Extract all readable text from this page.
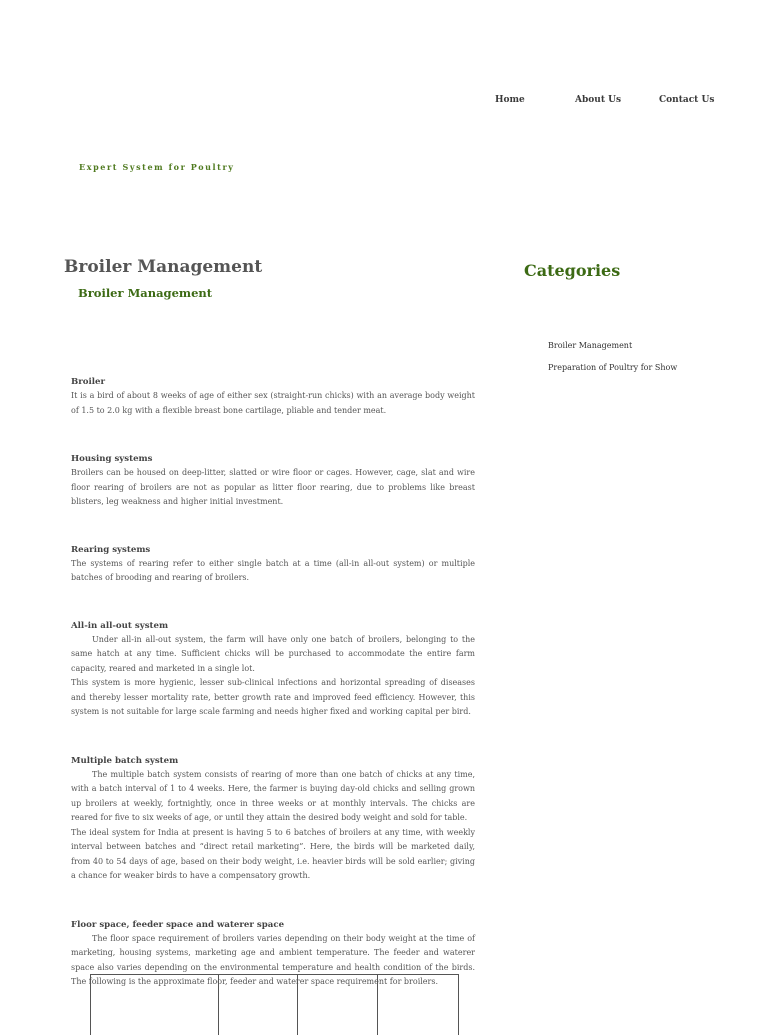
Home	About Us	Contact Us
Expert System for Poultry
Broiler Management
Broiler Management
Broiler

It is a bird of about 8 weeks of age of either sex (straight-run chicks) with an average body weight of 1.5 to 2.0 kg with a flexible breast bone cartilage, pliable and tender meat.

Housing systems

Broilers can be housed on deep-litter, slatted or wire floor or cages. However, cage, slat and wire floor rearing of broilers are not as popular as litter floor rearing, due to problems like breast blisters, leg weakness and higher initial investment.

Rearing systems

The systems of rearing refer to either single batch at a time (all-in all-out system) or multiple batches of brooding and rearing of broilers.

All-in all-out system

Under all-in all-out system, the farm will have only one batch of broilers, belonging to the same hatch at any time. Sufficient chicks will be purchased to accommodate the entire farm capacity, reared and marketed in a single lot.

This system is more hygienic, lesser sub-clinical infections and horizontal spreading of diseases and thereby lesser mortality rate, better growth rate and improved feed efficiency. However, this system is not suitable for large scale farming and needs higher fixed and working capital per bird.

Multiple batch system

The multiple batch system consists of rearing of more than one batch of chicks at any time, with a batch interval of 1 to 4 weeks. Here, the farmer is buying day-old chicks and selling grown up broilers at weekly, fortnightly, once in three weeks or at monthly intervals. The chicks are reared for five to six weeks of age, or until they attain the desired body weight and sold for table.

The ideal system for India at present is having 5 to 6 batches of broilers at any time, with weekly interval between batches and “direct retail marketing”. Here, the birds will be marketed daily, from 40 to 54 days of age, based on their body weight, i.e. heavier birds will be sold earlier; giving a chance for weaker birds to have a compensatory growth.

Floor space, feeder space and waterer space

The floor space requirement of broilers varies depending on their body weight at the time of marketing, housing systems, marketing age and ambient temperature. The feeder and waterer space also varies depending on the environmental temperature and health condition of the birds. The following is the approximate floor, feeder and waterer space requirement for broilers.

Categories
Broiler Management
Preparation of Poultry for Show
